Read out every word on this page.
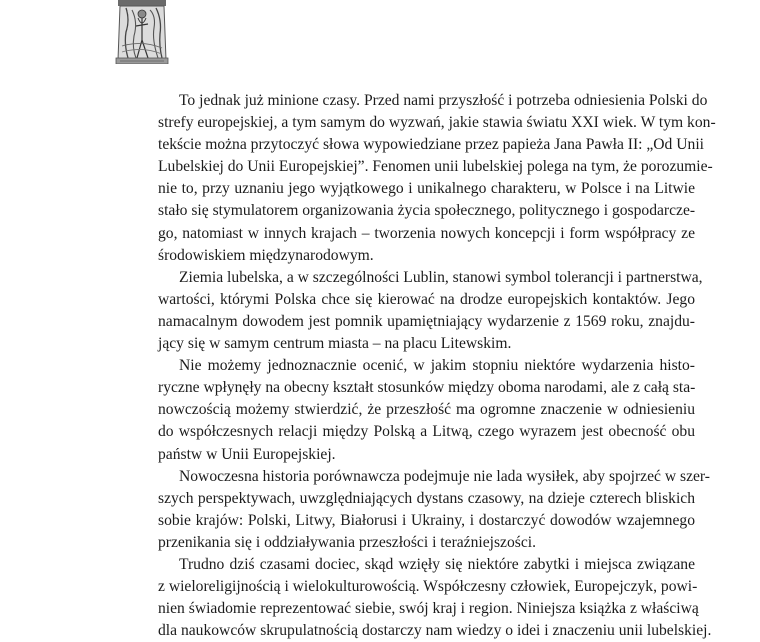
To jednak już minione czasy. Przed nami przyszłość i potrzeba odniesienia Polski do
strefy europejskiej, a tym samym do wyzwań, jakie stawia światu XXI wiek. W tym kon-
tekście można przytoczyć słowa wypowiedziane przez papieża Jana Pawła II: „Od Unii
Lubelskiej do Unii Europejskiej”. Fenomen unii lubelskiej polega na tym, że porozumie-
nie to, przy uznaniu jego wyjątkowego i unikalnego charakteru, w Polsce i na Litwie
stało się stymulatorem organizowania życia społecznego, politycznego i gospodarcze-
go, natomiast w innych krajach – tworzenia nowych koncepcji i form współpracy ze
środowiskiem międzynarodowym.

Ziemia lubelska, a w szczególności Lublin, stanowi symbol tolerancji i partnerstwa,
wartości, którymi Polska chce się kierować na drodze europejskich kontaktów. Jego
namacalnym dowodem jest pomnik upamiętniający wydarzenie z 1569 roku, znajdu-
jący się w samym centrum miasta – na placu Litewskim.

Nie możemy jednoznacznie ocenić, w jakim stopniu niektóre wydarzenia histo-
ryczne wpłynęły na obecny kształt stosunków między oboma narodami, ale z całą sta-
nowczością możemy stwierdzić, że przeszłość ma ogromne znaczenie w odniesieniu
do współczesnych relacji między Polską a Litwą, czego wyrazem jest obecność obu
państw w Unii Europejskiej.

Nowoczesna historia porównawcza podejmuje nie lada wysiłek, aby spojrzeć w szer-
szych perspektywach, uwzględniających dystans czasowy, na dzieje czterech bliskich
sobie krajów: Polski, Litwy, Białorusi i Ukrainy, i dostarczyć dowodów wzajemnego
przenikania się i oddziaływania przeszłości i teraźniejszości.

Trudno dziś czasami dociec, skąd wzięły się niektóre zabytki i miejsca związane
z wieloreligijnością i wielokulturowością. Współczesny człowiek, Europejczyk, powi-
nien świadomie reprezentować siebie, swój kraj i region. Niniejsza książka z właściwą
dla naukowców skrupulatnością dostarczy nam wiedzy o idei i znaczeniu unii lubelskiej.
